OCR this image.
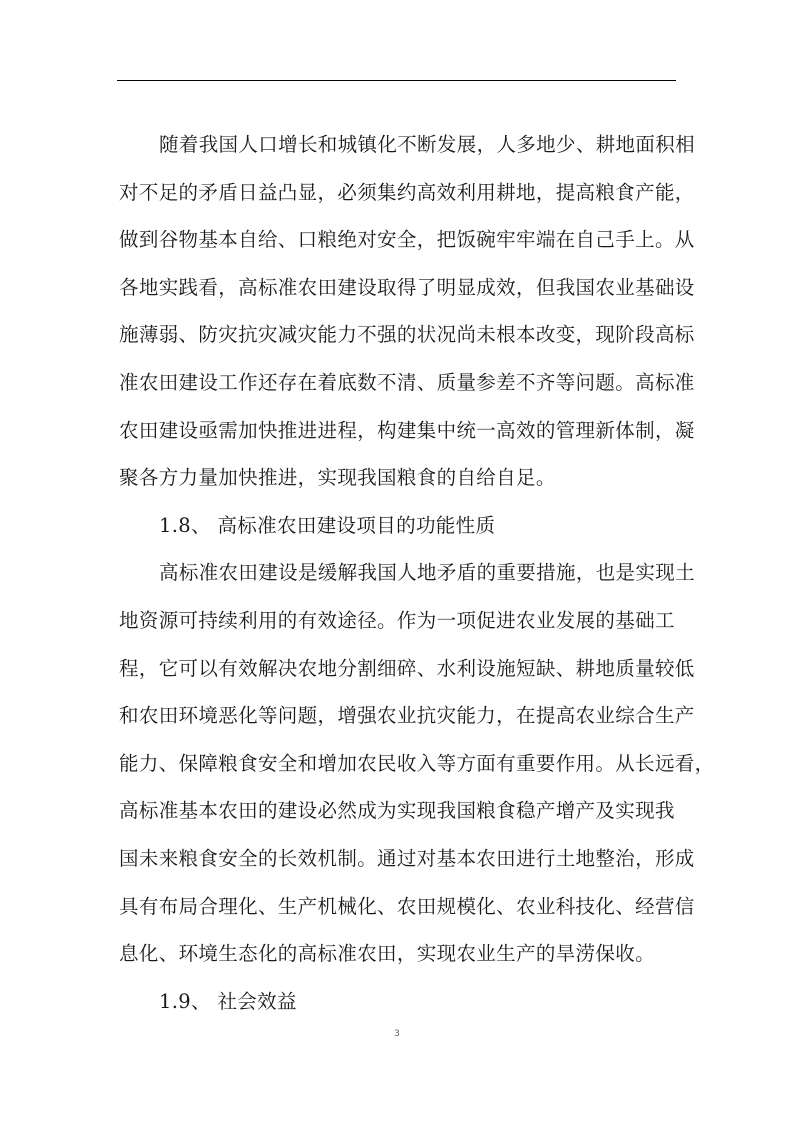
随着我国人口增长和城镇化不断发展，人多地少、耕地面积相
对不足的矛盾日益凸显，必须集约高效利用耕地，提高粮食产能，
做到谷物基本自给、口粮绝对安全，把饭碗牢牢端在自己手上。从
各地实践看，高标准农田建设取得了明显成效，但我国农业基础设
施薄弱、防灾抗灾减灾能力不强的状况尚未根本改变，现阶段高标
准农田建设工作还存在着底数不清、质量参差不齐等问题。高标准
农田建设亟需加快推进进程，构建集中统一高效的管理新体制，凝
聚各方力量加快推进，实现我国粮食的自给自足。
1.8、 高标准农田建设项目的功能性质
高标准农田建设是缓解我国人地矛盾的重要措施，也是实现土
地资源可持续利用的有效途径。作为一项促进农业发展的基础工
程，它可以有效解决农地分割细碎、水利设施短缺、耕地质量较低
和农田环境恶化等问题，增强农业抗灾能力，在提高农业综合生产
能力、保障粮食安全和增加农民收入等方面有重要作用。从长远看，
高标准基本农田的建设必然成为实现我国粮食稳产增产及实现我
国未来粮食安全的长效机制。通过对基本农田进行土地整治，形成
具有布局合理化、生产机械化、农田规模化、农业科技化、经营信
息化、环境生态化的高标准农田，实现农业生产的旱涝保收。
1.9、 社会效益
3
